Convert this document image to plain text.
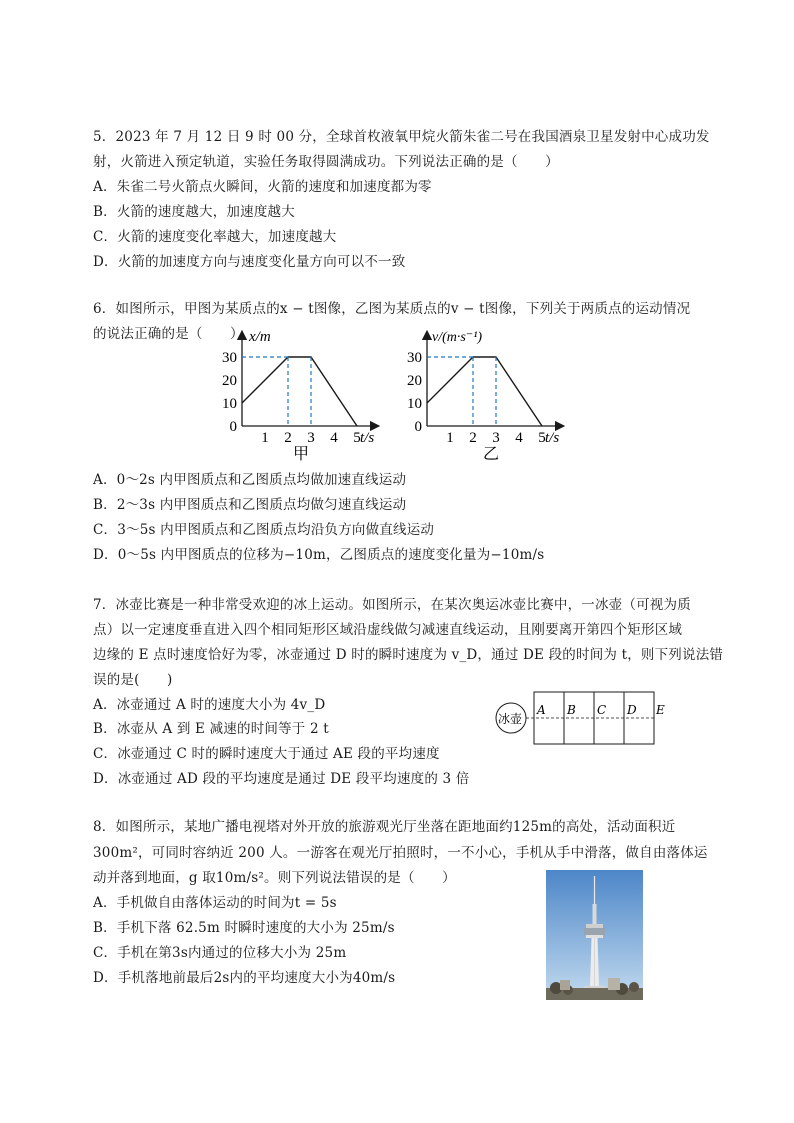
5．2023 年 7 月 12 日 9 时 00 分，全球首枚液氧甲烷火箭朱雀二号在我国酒泉卫星发射中心成功发
射，火箭进入预定轨道，实验任务取得圆满成功。下列说法正确的是（　　）
A．朱雀二号火箭点火瞬间，火箭的速度和加速度都为零
B．火箭的速度越大，加速度越大
C．火箭的速度变化率越大，加速度越大
D．火箭的加速度方向与速度变化量方向可以不一致
6．如图所示，甲图为某质点的x − t图像，乙图为某质点的v − t图像，下列关于两质点的运动情况
的说法正确的是（　　） x/m
0
10
20
30
1 2 3 4 5 t/s
甲
v/(m·s⁻¹)
0
10
20
30
1 2 3 4 5 t/s
乙
A．0～2s 内甲图质点和乙图质点均做加速直线运动
B．2～3s 内甲图质点和乙图质点均做匀速直线运动
C．3～5s 内甲图质点和乙图质点均沿负方向做直线运动
D．0～5s 内甲图质点的位移为−10m，乙图质点的速度变化量为−10m/s
7．冰壶比赛是一种非常受欢迎的冰上运动。如图所示，在某次奥运冰壶比赛中，一冰壶（可视为质
点）以一定速度垂直进入四个相同矩形区域沿虚线做匀减速直线运动，且刚要离开第四个矩形区域
边缘的 E 点时速度恰好为零，冰壶通过 D 时的瞬时速度为 v_D，通过 DE 段的时间为 t，则下列说法错
误的是(　　)
A．冰壶通过 A 时的速度大小为 4v_D
B．冰壶从 A 到 E 减速的时间等于 2 t
C．冰壶通过 C 时的瞬时速度大于通过 AE 段的平均速度
D．冰壶通过 AD 段的平均速度是通过 DE 段平均速度的 3 倍
冰壶
A B C D E
8．如图所示，某地广播电视塔对外开放的旅游观光厅坐落在距地面约125m的高处，活动面积近
300m²，可同时容纳近 200 人。一游客在观光厅拍照时，一不小心，手机从手中滑落，做自由落体运
动并落到地面，g 取10m/s²。则下列说法错误的是（　　）
A．手机做自由落体运动的时间为t = 5s
B．手机下落 62.5m 时瞬时速度的大小为 25m/s
C．手机在第3s内通过的位移大小为 25m
D．手机落地前最后2s内的平均速度大小为40m/s
